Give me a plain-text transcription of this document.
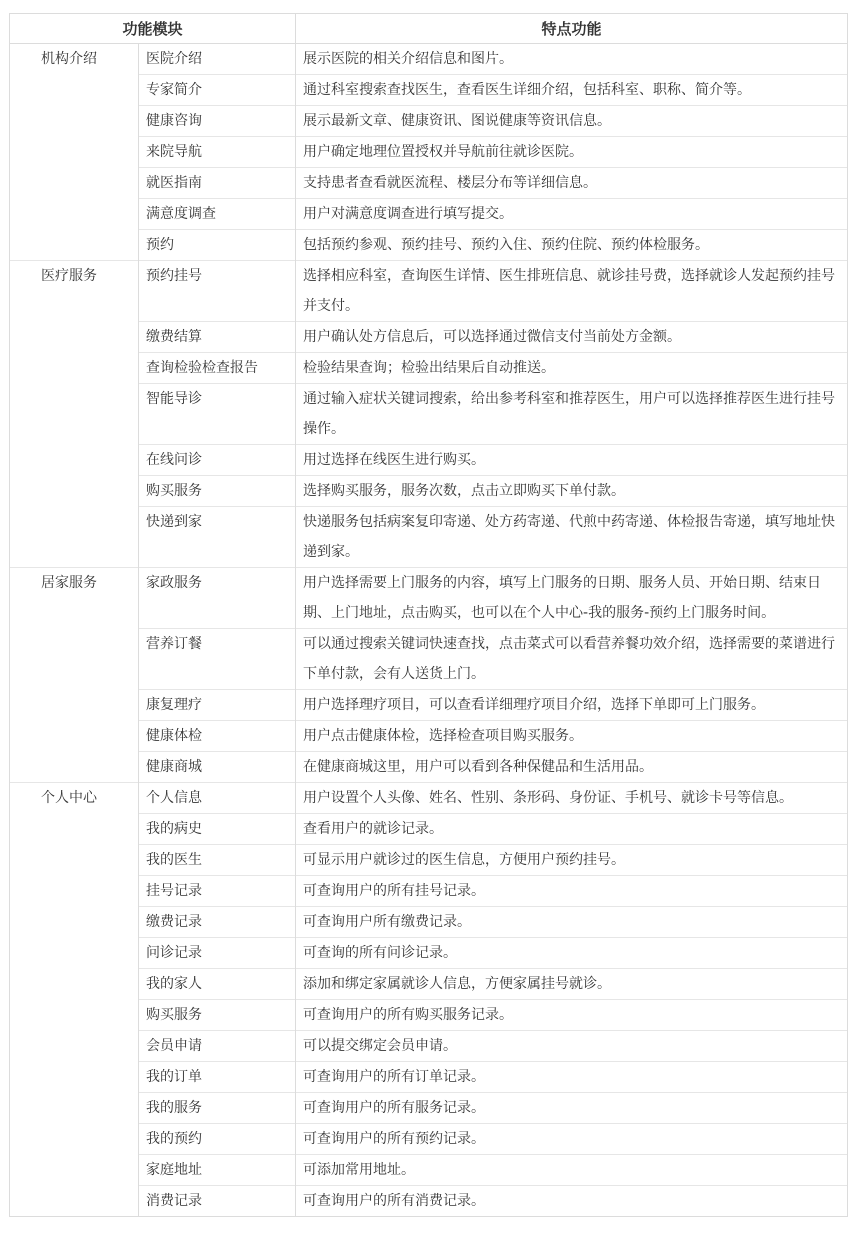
功能模块		特点功能
机构介绍	医院介绍	展示医院的相关介绍信息和图片。
	专家简介	通过科室搜索查找医生，查看医生详细介绍，包括科室、职称、简介等。
	健康咨询	展示最新文章、健康资讯、图说健康等资讯信息。
	来院导航	用户确定地理位置授权并导航前往就诊医院。
	就医指南	支持患者查看就医流程、楼层分布等详细信息。
	满意度调查	用户对满意度调查进行填写提交。
	预约	包括预约参观、预约挂号、预约入住、预约住院、预约体检服务。
医疗服务	预约挂号	选择相应科室，查询医生详情、医生排班信息、就诊挂号费，选择就诊人发起预约挂号并支付。
	缴费结算	用户确认处方信息后，可以选择通过微信支付当前处方金额。
	查询检验检查报告	检验结果查询；检验出结果后自动推送。
	智能导诊	通过输入症状关键词搜索，给出参考科室和推荐医生，用户可以选择推荐医生进行挂号操作。
	在线问诊	用过选择在线医生进行购买。
	购买服务	选择购买服务，服务次数，点击立即购买下单付款。
	快递到家	快递服务包括病案复印寄递、处方药寄递、代煎中药寄递、体检报告寄递，填写地址快递到家。
居家服务	家政服务	用户选择需要上门服务的内容，填写上门服务的日期、服务人员、开始日期、结束日期、上门地址，点击购买，也可以在个人中心-我的服务-预约上门服务时间。
	营养订餐	可以通过搜索关键词快速查找，点击菜式可以看营养餐功效介绍，选择需要的菜谱进行下单付款，会有人送货上门。
	康复理疗	用户选择理疗项目，可以查看详细理疗项目介绍，选择下单即可上门服务。
	健康体检	用户点击健康体检，选择检查项目购买服务。
	健康商城	在健康商城这里，用户可以看到各种保健品和生活用品。
个人中心	个人信息	用户设置个人头像、姓名、性别、条形码、身份证、手机号、就诊卡号等信息。
	我的病史	查看用户的就诊记录。
	我的医生	可显示用户就诊过的医生信息，方便用户预约挂号。
	挂号记录	可查询用户的所有挂号记录。
	缴费记录	可查询用户所有缴费记录。
	问诊记录	可查询的所有问诊记录。
	我的家人	添加和绑定家属就诊人信息，方便家属挂号就诊。
	购买服务	可查询用户的所有购买服务记录。
	会员申请	可以提交绑定会员申请。
	我的订单	可查询用户的所有订单记录。
	我的服务	可查询用户的所有服务记录。
	我的预约	可查询用户的所有预约记录。
	家庭地址	可添加常用地址。
	消费记录	可查询用户的所有消费记录。
